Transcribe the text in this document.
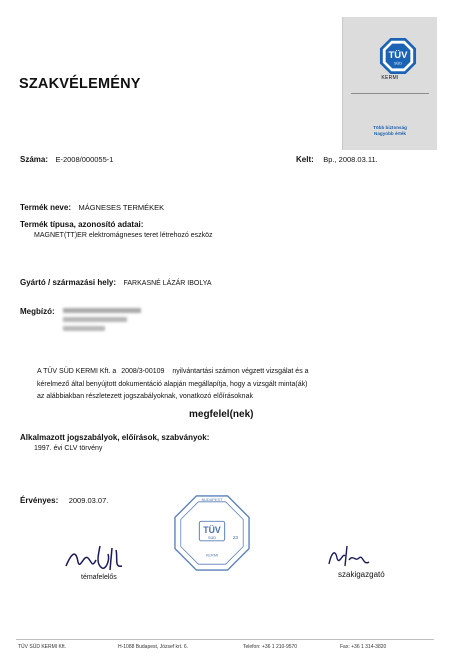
TÜV
SÜD
KERMI
Több biztonság
Nagyobb érték
SZAKVÉLEMÉNY
Száma: E-2008/000055-1	Kelt: Bp., 2008.03.11.
Termék neve: MÁGNESES TERMÉKEK
Termék típusa, azonosító adatai:
MAGNET(TT)ER elektromágneses teret létrehozó eszköz
Gyártó / származási hely: FARKASNÉ LÁZÁR IBOLYA
Megbízó:
A TÜV SÜD KERMI Kft. a 2008/3-00109 nyilvántartási számon végzett vizsgálat és a
kérelmező által benyújtott dokumentáció alapján megállapítja, hogy a vizsgált minta(ák)
az alábbiakban részletezett jogszabályoknak, vonatkozó előírásoknak
megfelel(nek)
Alkalmazott jogszabályok, előírások, szabványok:
1997. évi CLV törvény
Érvényes: 2009.03.07.	BUDAPEST
TÜV
SÜD	23
KERMI
témafelelős	szakigazgató
TÜV SÜD KERMI Kft.	H-1088 Budapest, József krt. 6.	Telefon: +36 1 210-9570	Fax: +36 1 314-3820
